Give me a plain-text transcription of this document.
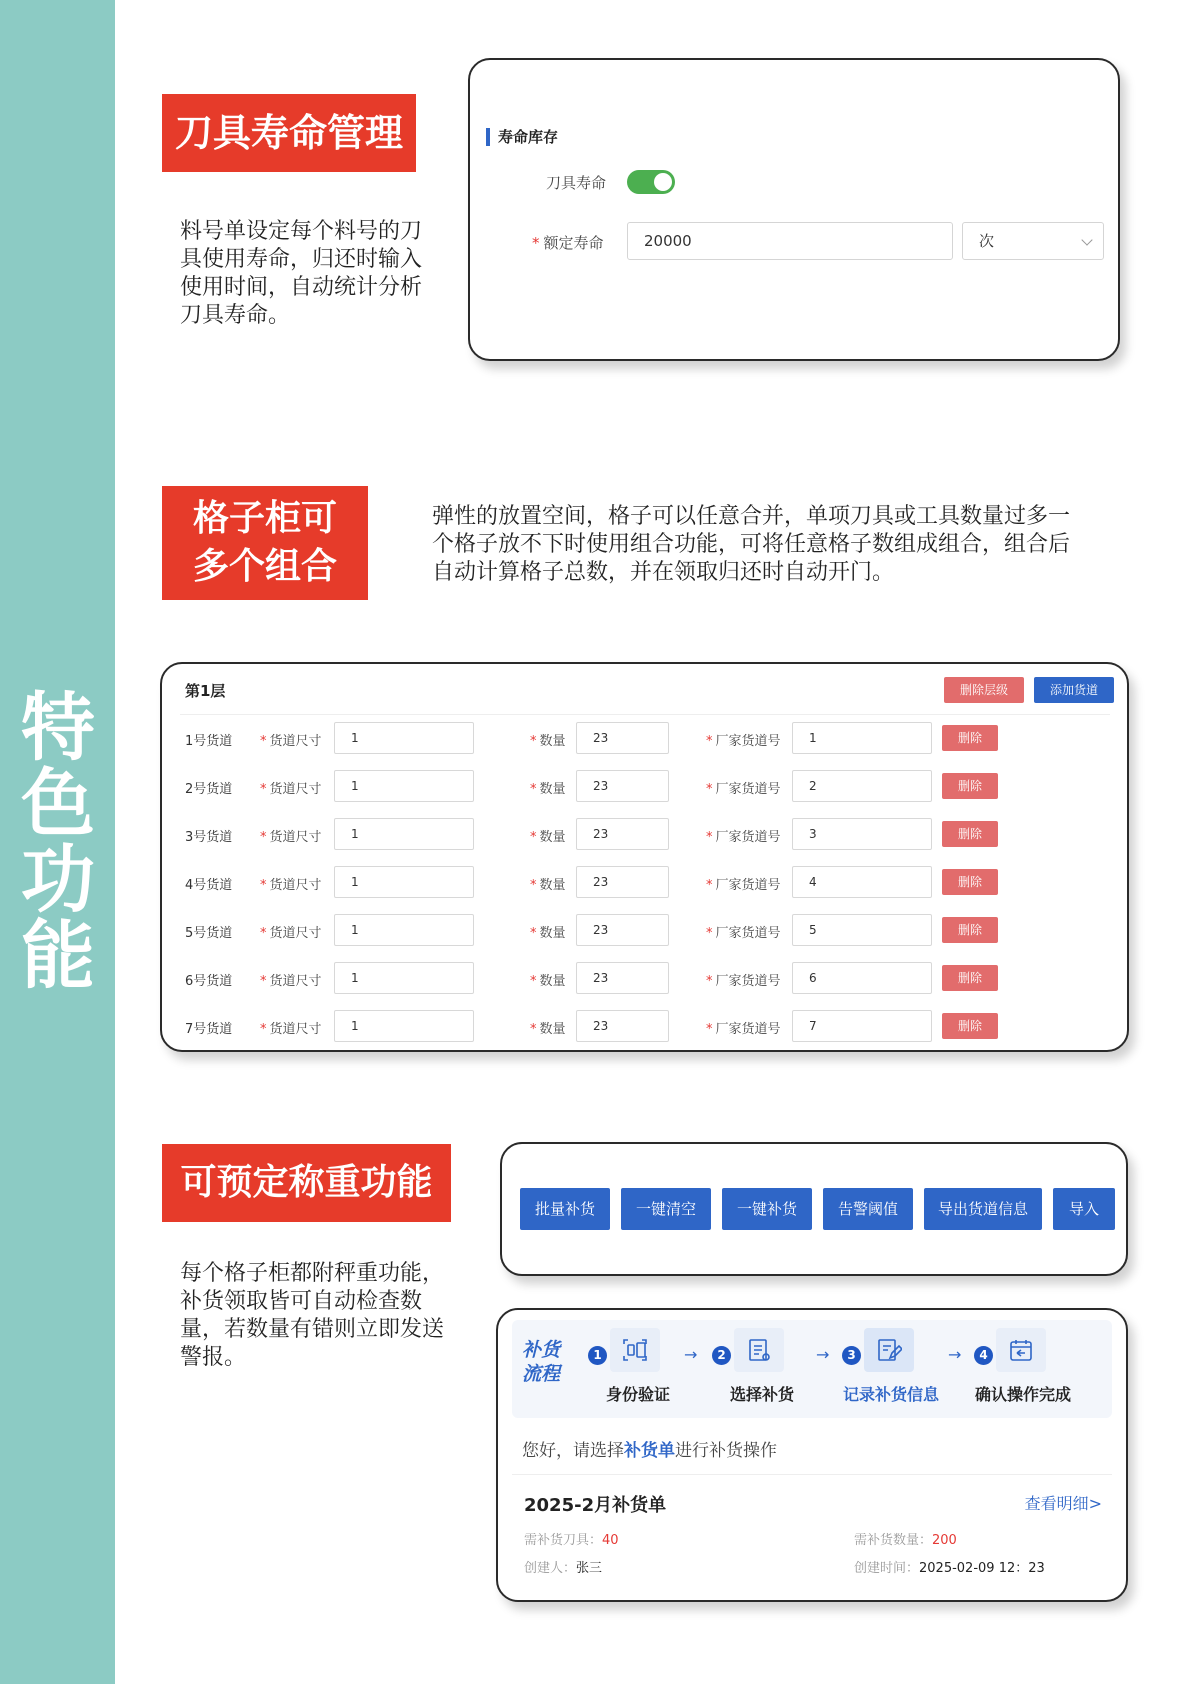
特
色
功
能
刀具寿命管理
料号单设定每个料号的刀具使用寿命，归还时输入使用时间，自动统计分析刀具寿命。
寿命库存
刀具寿命
* 额定寿命	20000	次
格子柜可
多个组合
弹性的放置空间，格子可以任意合并，单项刀具或工具数量过多一个格子放不下时使用组合功能，可将任意格子数组成组合，组合后自动计算格子总数，并在领取归还时自动开门。
第1层	删除层级	添加货道
1号货道 * 货道尺寸	1	* 数量	23	* 厂家货道号	1	删除
2号货道 * 货道尺寸	1	* 数量	23	* 厂家货道号	2	删除
3号货道 * 货道尺寸	1	* 数量	23	* 厂家货道号	3	删除
4号货道 * 货道尺寸	1	* 数量	23	* 厂家货道号	4	删除
5号货道 * 货道尺寸	1	* 数量	23	* 厂家货道号	5	删除
6号货道 * 货道尺寸	1	* 数量	23	* 厂家货道号	6	删除
7号货道 * 货道尺寸	1	* 数量	23	* 厂家货道号	7	删除
可预定称重功能
每个格子柜都附秤重功能，补货领取皆可自动检查数量，若数量有错则立即发送警报。
批量补货	一键清空	一键补货	告警阈值	导出货道信息	导入
补货流程
1
身份验证
→	2
选择补货
→	3
记录补货信息
→	4
确认操作完成
您好，请选择补货单进行补货操作
2025-2月补货单	查看明细>
需补货刀具：40	需补货数量：200
创建人：张三	创建时间：2025-02-09 12：23
